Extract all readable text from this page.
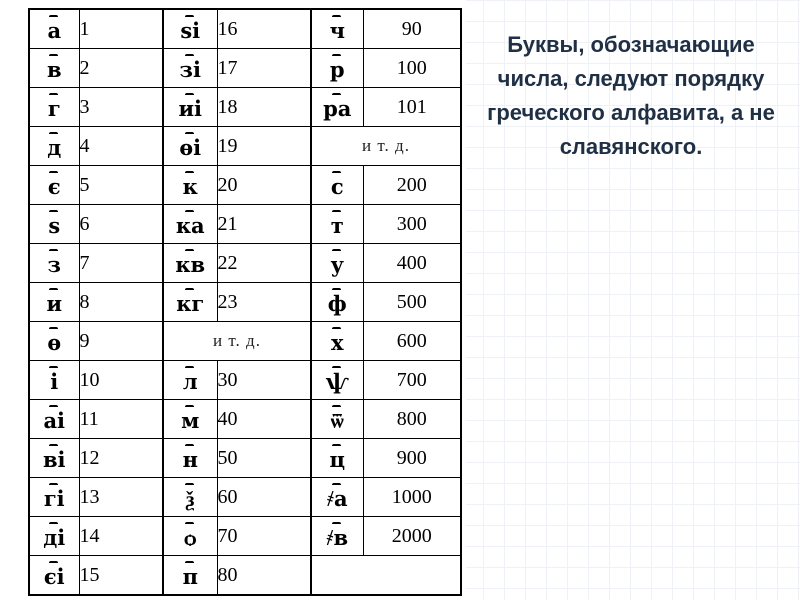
а	1	ѕі	16	ч	90
в	2	зі	17	р	100
г	3	иі	18	ра	101
д	4	ѳі	19	и т. д.	
є	5	к	20	с	200
ѕ	6	ка	21	т	300
з	7	кв	22	у	400
и	8	кг	23	ф	500
ѳ	9	и т. д.		х	600
і	10	л	30	ѱ	700
аі	11	м	40	ѿ	800
ві	12	н	50	ц	900
гі	13	ѯ	60	҂а	1000
ді	14	ѻ	70	҂в	2000
єі	15	п	80		
Буквы, обозначающие числа, следуют порядку греческого алфавита, а не славянского.
